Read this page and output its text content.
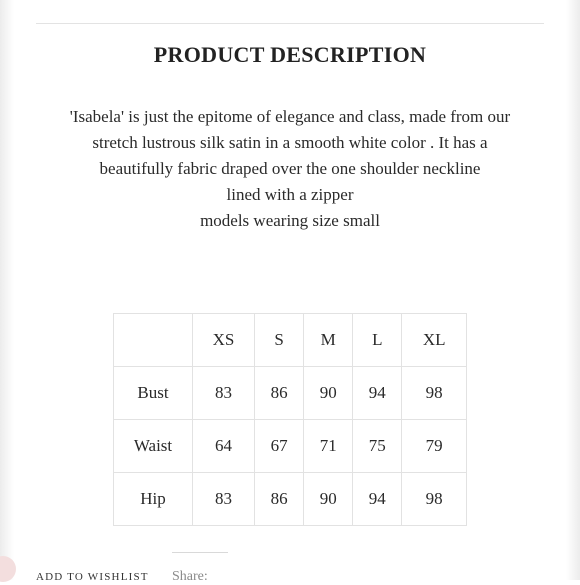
PRODUCT DESCRIPTION
'Isabela' is just the epitome of elegance and class, made from our
stretch lustrous silk satin in a smooth white color . It has a
beautifully fabric draped over the one shoulder neckline
lined with a zipper
models wearing size small
	XS	S	M	L	XL
Bust	83	86	90	94	98
Waist	64	67	71	75	79
Hip	83	86	90	94	98
ADD TO WISHLIST Share:
